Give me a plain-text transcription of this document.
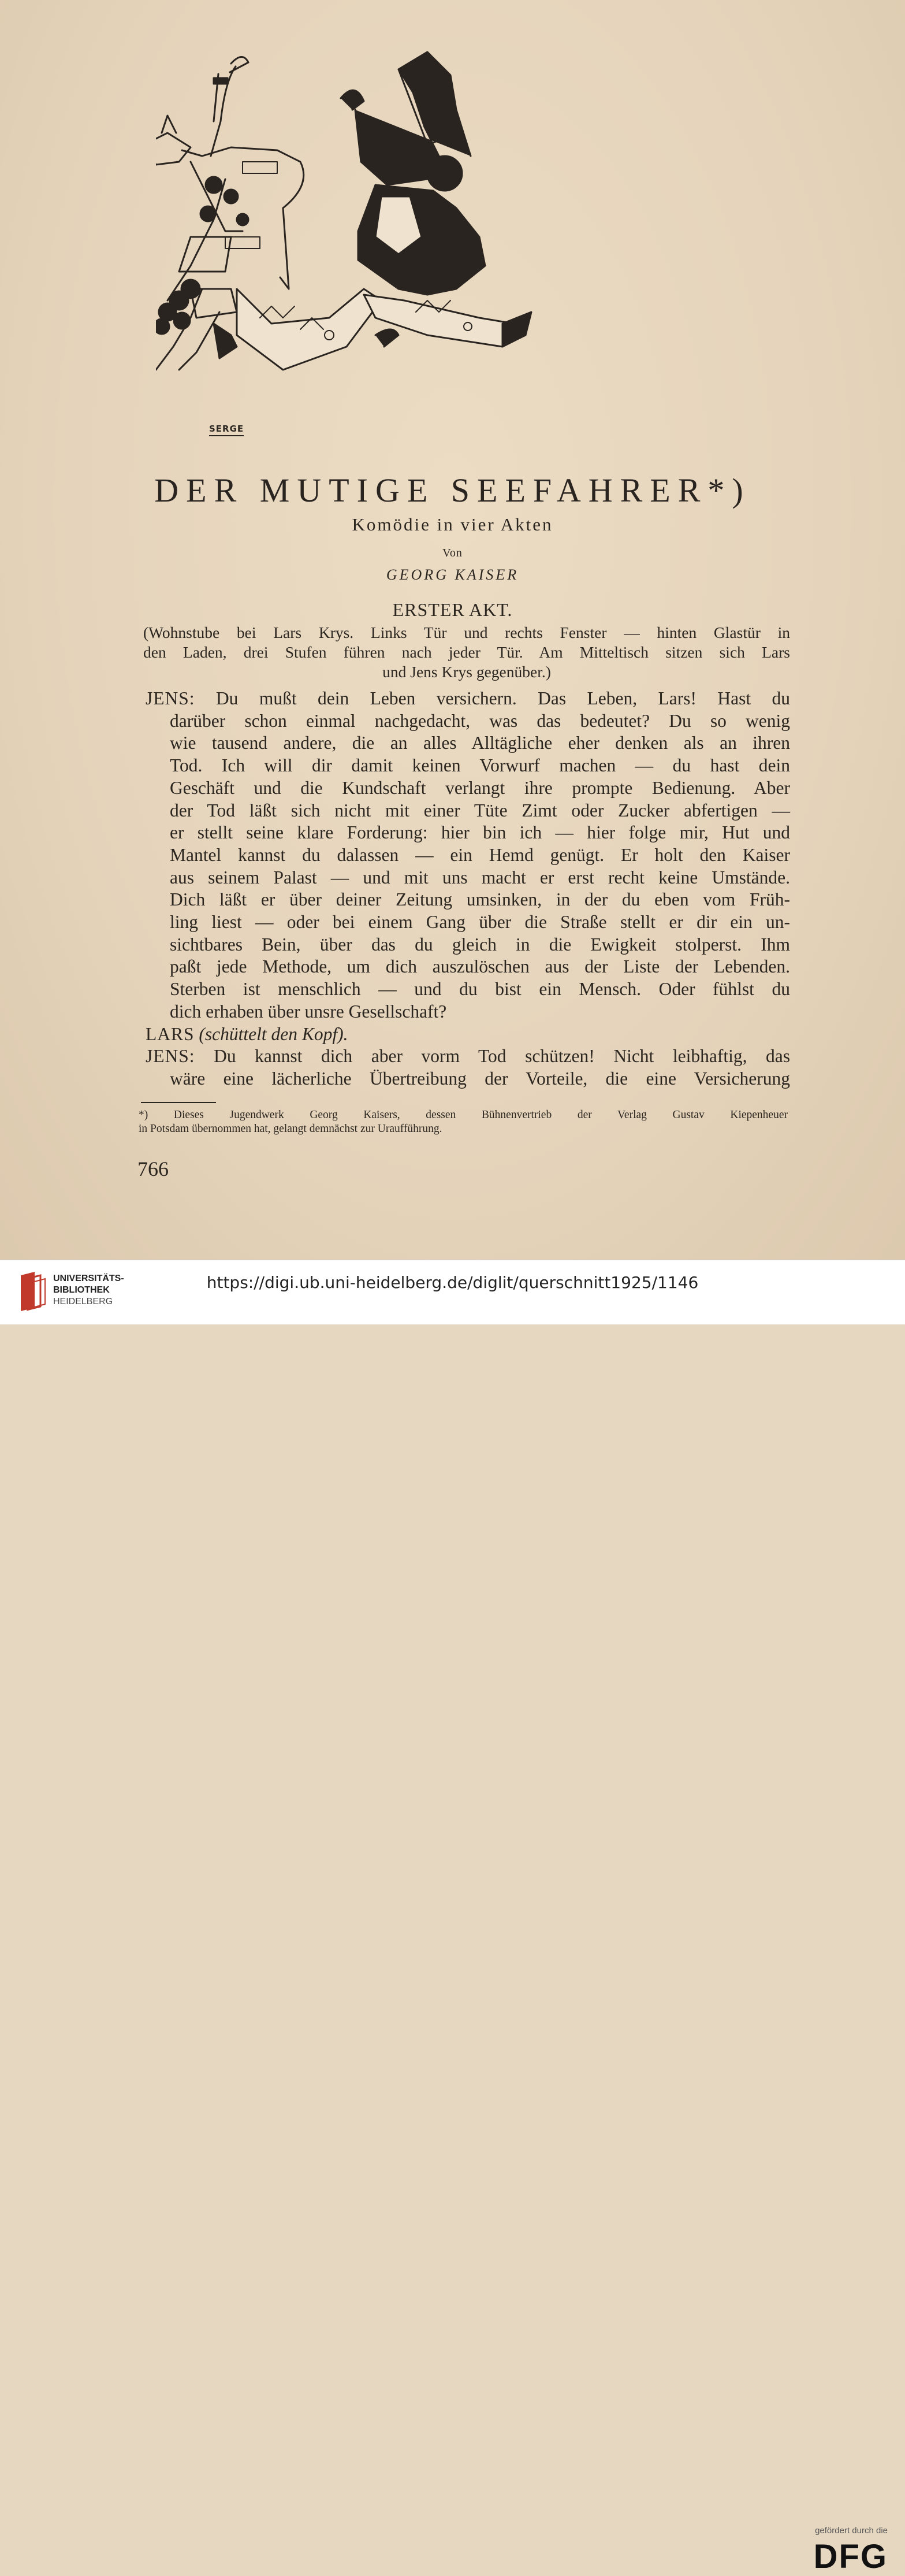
SERGE
DER MUTIGE SEEFAHRER*)
Komödie in vier Akten
Von
GEORG KAISER
ERSTER AKT.
(Wohnstube bei Lars Krys. Links Tür und rechts Fenster — hinten Glastür in
den Laden, drei Stufen führen nach jeder Tür. Am Mitteltisch sitzen sich Lars
und Jens Krys gegenüber.)
JENS: Du mußt dein Leben versichern. Das Leben, Lars! Hast du
darüber schon einmal nachgedacht, was das bedeutet? Du so wenig
wie tausend andere, die an alles Alltägliche eher denken als an ihren
Tod. Ich will dir damit keinen Vorwurf machen — du hast dein
Geschäft und die Kundschaft verlangt ihre prompte Bedienung. Aber
der Tod läßt sich nicht mit einer Tüte Zimt oder Zucker abfertigen —
er stellt seine klare Forderung: hier bin ich — hier folge mir, Hut und
Mantel kannst du dalassen — ein Hemd genügt. Er holt den Kaiser
aus seinem Palast — und mit uns macht er erst recht keine Umstände.
Dich läßt er über deiner Zeitung umsinken, in der du eben vom Früh-
ling liest — oder bei einem Gang über die Straße stellt er dir ein un-
sichtbares Bein, über das du gleich in die Ewigkeit stolperst. Ihm
paßt jede Methode, um dich auszulöschen aus der Liste der Lebenden.
Sterben ist menschlich — und du bist ein Mensch. Oder fühlst du
dich erhaben über unsre Gesellschaft?
LARS (schüttelt den Kopf).
JENS: Du kannst dich aber vorm Tod schützen! Nicht leibhaftig, das
wäre eine lächerliche Übertreibung der Vorteile, die eine Versicherung
*) Dieses Jugendwerk Georg Kaisers, dessen Bühnenvertrieb der Verlag Gustav Kiepenheuer
in Potsdam übernommen hat, gelangt demnächst zur Uraufführung.
766
UNIVERSITÄTS-
BIBLIOTHEK
HEIDELBERG
gefördert durch die
DFG
https://digi.ub.uni-heidelberg.de/diglit/querschnitt1925/1146
